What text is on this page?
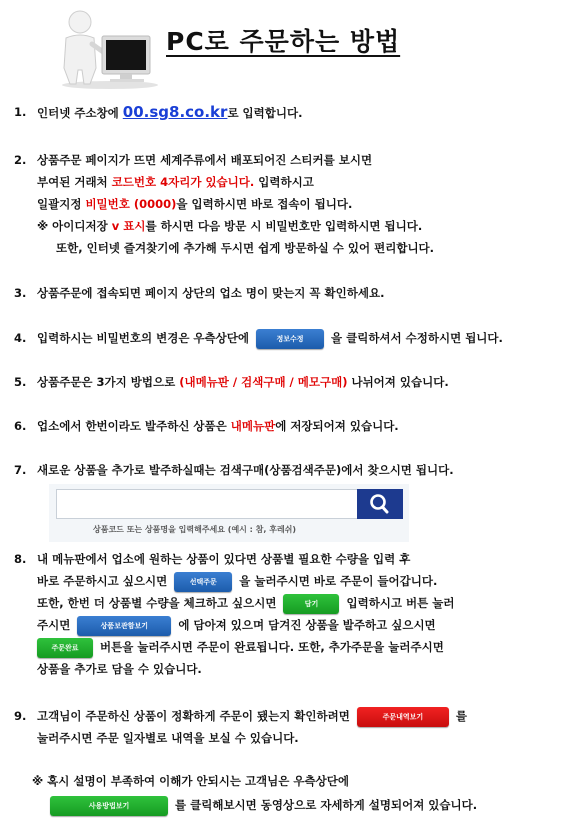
PC로 주문하는 방법
1. 인터넷 주소창에 00.sg8.co.kr로 입력합니다.
2. 상품주문 페이지가 뜨면 세계주류에서 배포되어진 스티커를 보시면
부여된 거래처 코드번호 4자리가 있습니다. 입력하시고
일괄지정 비밀번호 (0000)을 입력하시면 바로 접속이 됩니다.
※ 아이디저장 v 표시를 하시면 다음 방문 시 비밀번호만 입력하시면 됩니다.
또한, 인터넷 즐겨찾기에 추가해 두시면 쉽게 방문하실 수 있어 편리합니다.
3. 상품주문에 접속되면 페이지 상단의 업소 명이 맞는지 꼭 확인하세요.
4. 입력하시는 비밀번호의 변경은 우측상단에	정보수정 을 클릭하셔서 수정하시면 됩니다.
5. 상품주문은 3가지 방법으로 (내메뉴판 / 검색구매 / 메모구매) 나뉘어져 있습니다.
6. 업소에서 한번이라도 발주하신 상품은 내메뉴판에 저장되어져 있습니다.
7. 새로운 상품을 추가로 발주하실때는 검색구매(상품검색주문)에서 찾으시면 됩니다.
상품코드 또는 상품명을 입력해주세요 (예시 : 참, 후레쉬)
8. 내 메뉴판에서 업소에 원하는 상품이 있다면 상품별 필요한 수량을 입력 후
바로 주문하시고 싶으시면	선택주문 을 눌러주시면 바로 주문이 들어갑니다.
또한, 한번 더 상품별 수량을 체크하고 싶으시면	담기 입력하시고 버튼 눌러
주시면	상품보관함보기 에 담아져 있으며 담겨진 상품을 발주하고 싶으시면
주문완료 버튼을 눌러주시면 주문이 완료됩니다. 또한, 추가주문을 눌러주시면
상품을 추가로 담을 수 있습니다.
9. 고객님이 주문하신 상품이 정확하게 주문이 됐는지 확인하려면	주문내역보기 를
눌러주시면 주문 일자별로 내역을 보실 수 있습니다.
※ 혹시 설명이 부족하여 이해가 안되시는 고객님은 우측상단에
사용방법보기	를 클릭해보시면 동영상으로 자세하게 설명되어져 있습니다.
